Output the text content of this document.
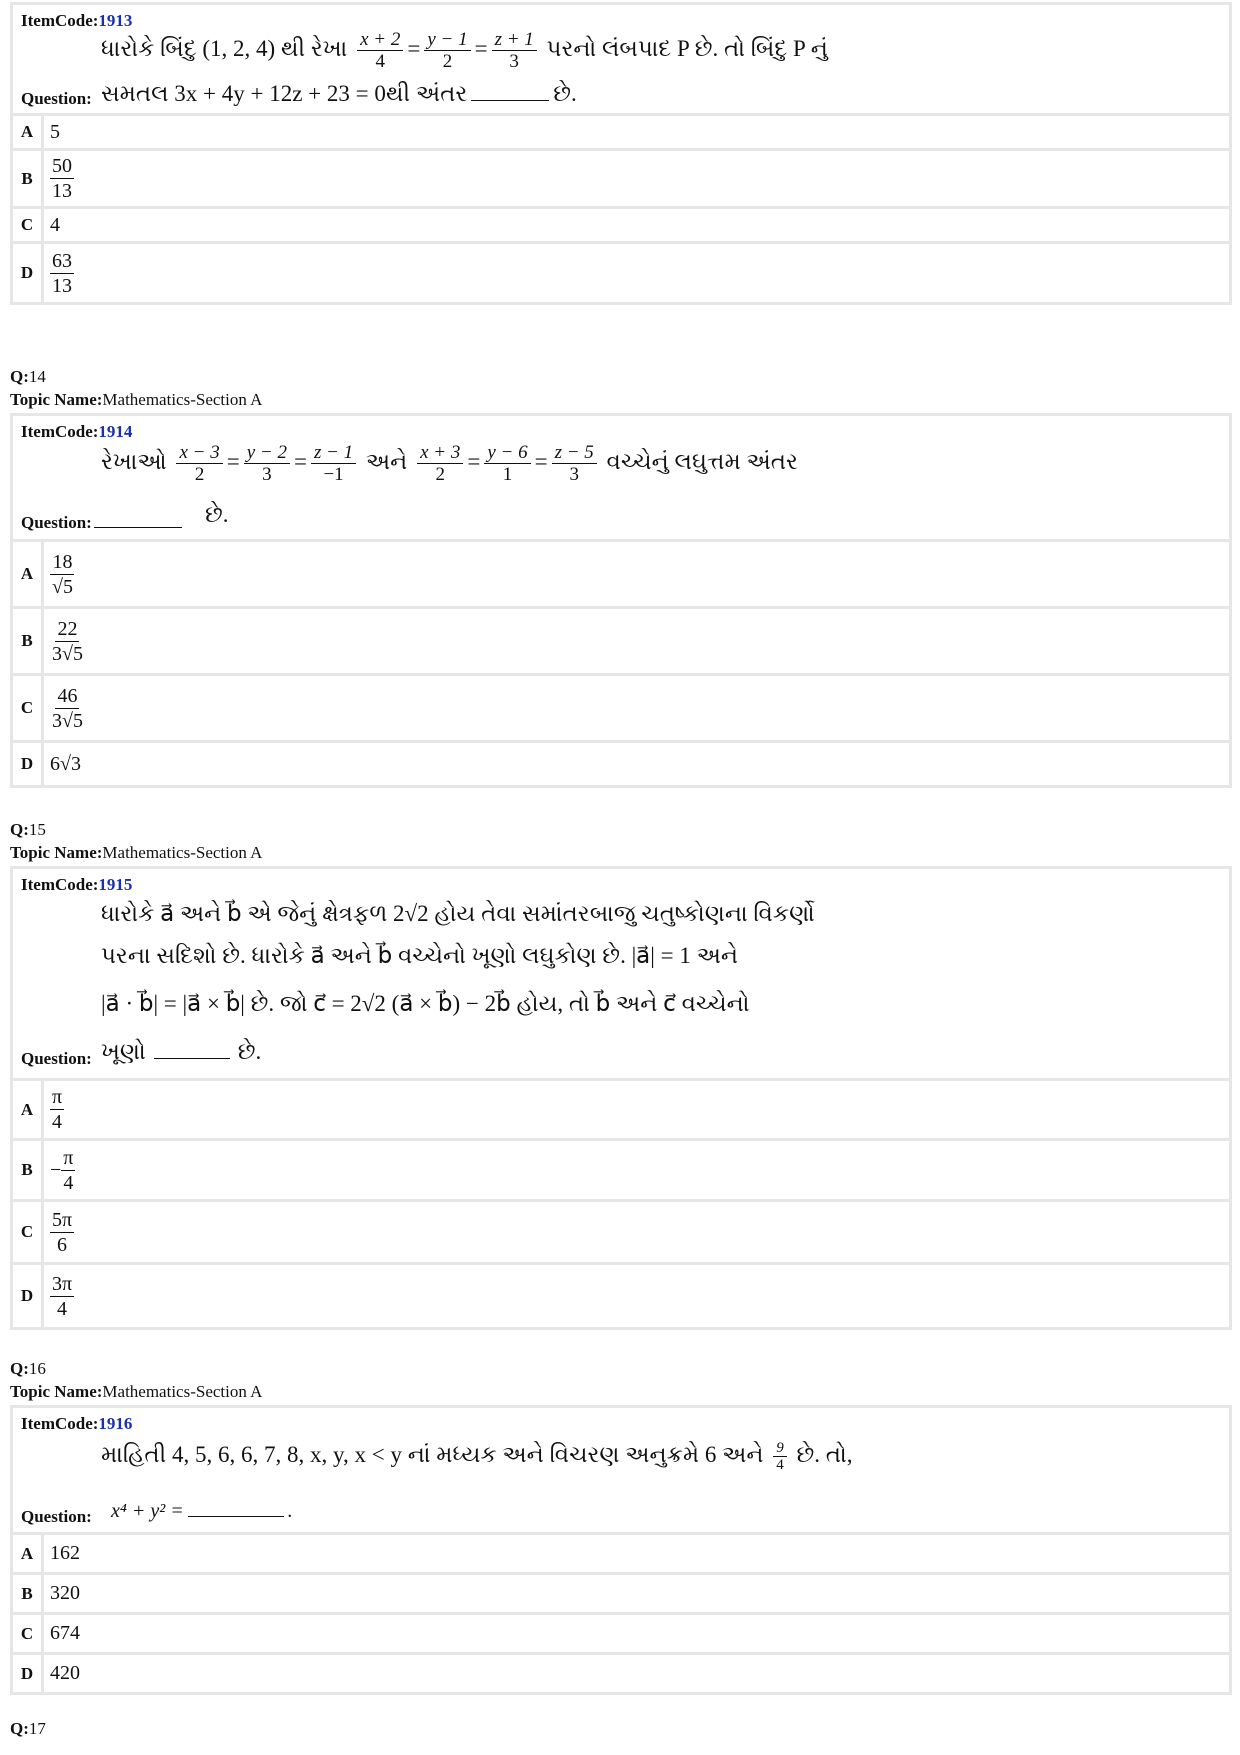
ItemCode:1913
ધારોકે બિંદુ (1, 2, 4) થી રેખા $\frac{x + 2}{4} = \frac{y - 1}{2} = \frac{z + 1}{3}$ પરનો લંબપાદ P છે. તો બિંદુ P નું
Question: સમતલ 3x + 4y + 12z + 23 = 0થી અંતર	છે.
A 5
B $\frac{50}{13}$
C 4
D $\frac{63}{13}$
Q:14
Topic Name:Mathematics-Section A
ItemCode:1914
રેખાઓ $\frac{x - 3}{2} = \frac{y - 2}{3} = \frac{z - 1}{-1}$ અને $\frac{x + 3}{2} = \frac{y - 6}{1} = \frac{z - 5}{3}$ વચ્ચેનું લઘુત્તમ અંતર
Question:	છે.
A $\frac{18}{√5}$
B $\frac{22}{3√5}$
C $\frac{46}{3√5}$
D 6√3
Q:15
Topic Name:Mathematics-Section A
ItemCode:1915
ધારોકે a⃗ અને b⃗ એ જેનું ક્ષેત્રફળ 2√2 હોય તેવા સમાંતરબાજુ ચતુષ્કોણના વિકર્ણો
પરના સદિશો છે. ધારોકે a⃗ અને b⃗ વચ્ચેનો ખૂણો લઘુકોણ છે. |a⃗| = 1 અને
|a⃗ · b⃗| = |a⃗ × b⃗| છે. જો c⃗ = 2√2 (a⃗ × b⃗) − 2b⃗ હોય, તો b⃗ અને c⃗ વચ્ચેનો
Question: ખૂણો	છે.
A $\frac{\pi}{4}$
$B - \frac{\pi}{4}$
C $\frac{5\pi}{6}$
D $\frac{3\pi}{4}$
Q:16
Topic Name:Mathematics-Section A
ItemCode:1916
માહિતી 4, 5, 6, 6, 7, 8, x, y, x < y નાં મધ્યક અને વિચરણ અનુક્રમે 6 અને $\frac{9}{4}$ છે. તો,
Question: x⁴ + y² =	.
A 162
B 320
C 674
D 420
Q:17
